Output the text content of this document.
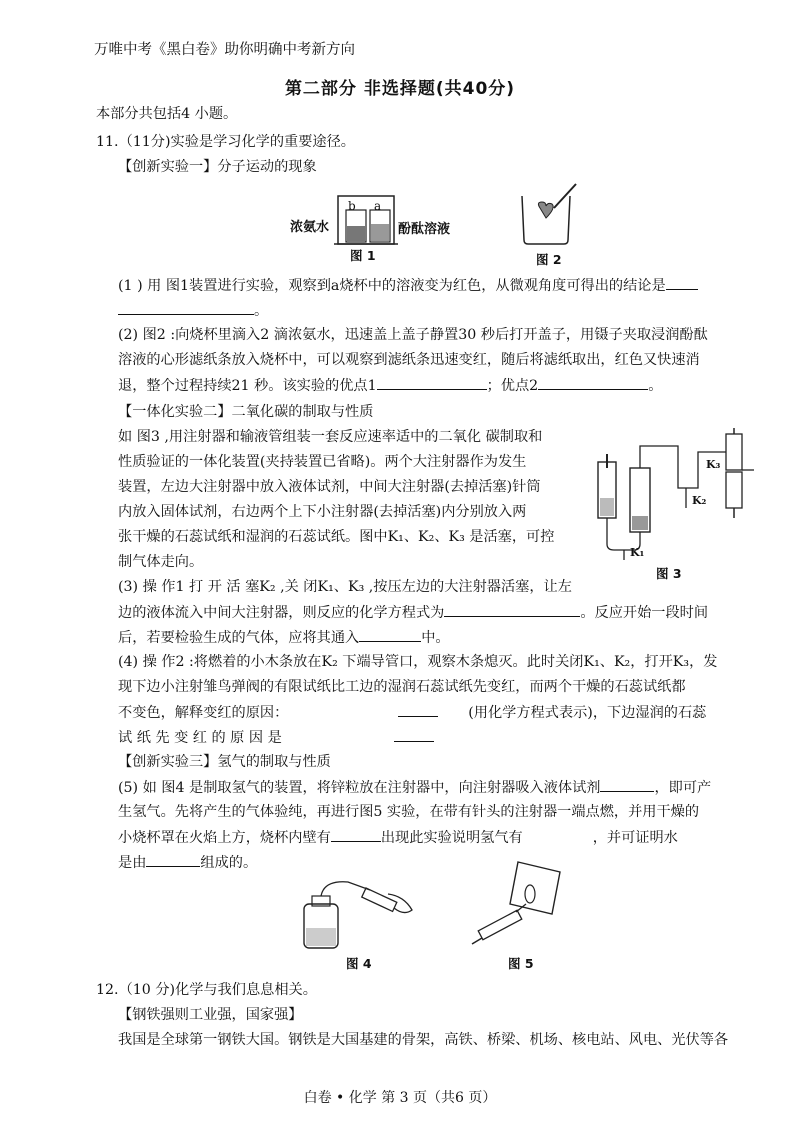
万唯中考《黑白卷》助你明确中考新方向
第二部分 非选择题(共40分)
本部分共包括4 小题。
11.（11分)实验是学习化学的重要途径。
【创新实验一】分子运动的现象
浓氨水
b a
酚酞溶液
图 1	图 2
(1 ) 用 图1装置进行实验，观察到a烧杯中的溶液变为红色，从微观角度可得出的结论是
。
(2) 图2 :向烧杯里滴入2 滴浓氨水，迅速盖上盖子静置30 秒后打开盖子，用镊子夹取浸润酚酞
溶液的心形滤纸条放入烧杯中，可以观察到滤纸条迅速变红，随后将滤纸取出，红色又快速消
退，整个过程持续21 秒。该实验的优点1	；优点2	。
【一体化实验二】二氧化碳的制取与性质
如 图3 ,用注射器和输液管组装一套反应速率适中的二氧化 碳制取和
性质验证的一体化装置(夹持装置已省略)。两个大注射器作为发生
装置，左边大注射器中放入液体试剂，中间大注射器(去掉活塞)针筒
内放入固体试剂，右边两个上下小注射器(去掉活塞)内分别放入两
张干燥的石蕊试纸和湿润的石蕊试纸。图中K₁、K₂、K₃ 是活塞，可控
制气体走向。
K₃
K₂
K₁
图 3
(3) 操 作1 打 开 活 塞K₂ ,关 闭K₁、K₃ ,按压左边的大注射器活塞，让左
边的液体流入中间大注射器，则反应的化学方程式为	。反应开始一段时间
后，若要检验生成的气体，应将其通入	中。
(4) 操 作2 :将燃着的小木条放在K₂ 下端导管口，观察木条熄灭。此时关闭K₁、K₂，打开K₃，发
现下边小注射雏鸟弹阀的有限试纸比工边的湿润石蕊试纸先变红，而两个干燥的石蕊试纸都
不变色，解释变红的原因：	(用化学方程式表示)，下边湿润的石蕊
试 纸 先 变 红 的 原 因 是
【创新实验三】氢气的制取与性质
(5) 如 图4 是制取氢气的装置，将锌粒放在注射器中，向注射器吸入液体试剂	，即可产
生氢气。先将产生的气体验纯，再进行图5 实验，在带有针头的注射器一端点燃，并用干燥的
小烧杯罩在火焰上方，烧杯内壁有	出现此实验说明氢气有	，并可证明水
是由	组成的。
图 4	图 5
12.（10 分)化学与我们息息相关。
【钢铁强则工业强，国家强】
我国是全球第一钢铁大国。钢铁是大国基建的骨架，高铁、桥梁、机场、核电站、风电、光伏等各
白卷 • 化学 第 3 页（共6 页）
